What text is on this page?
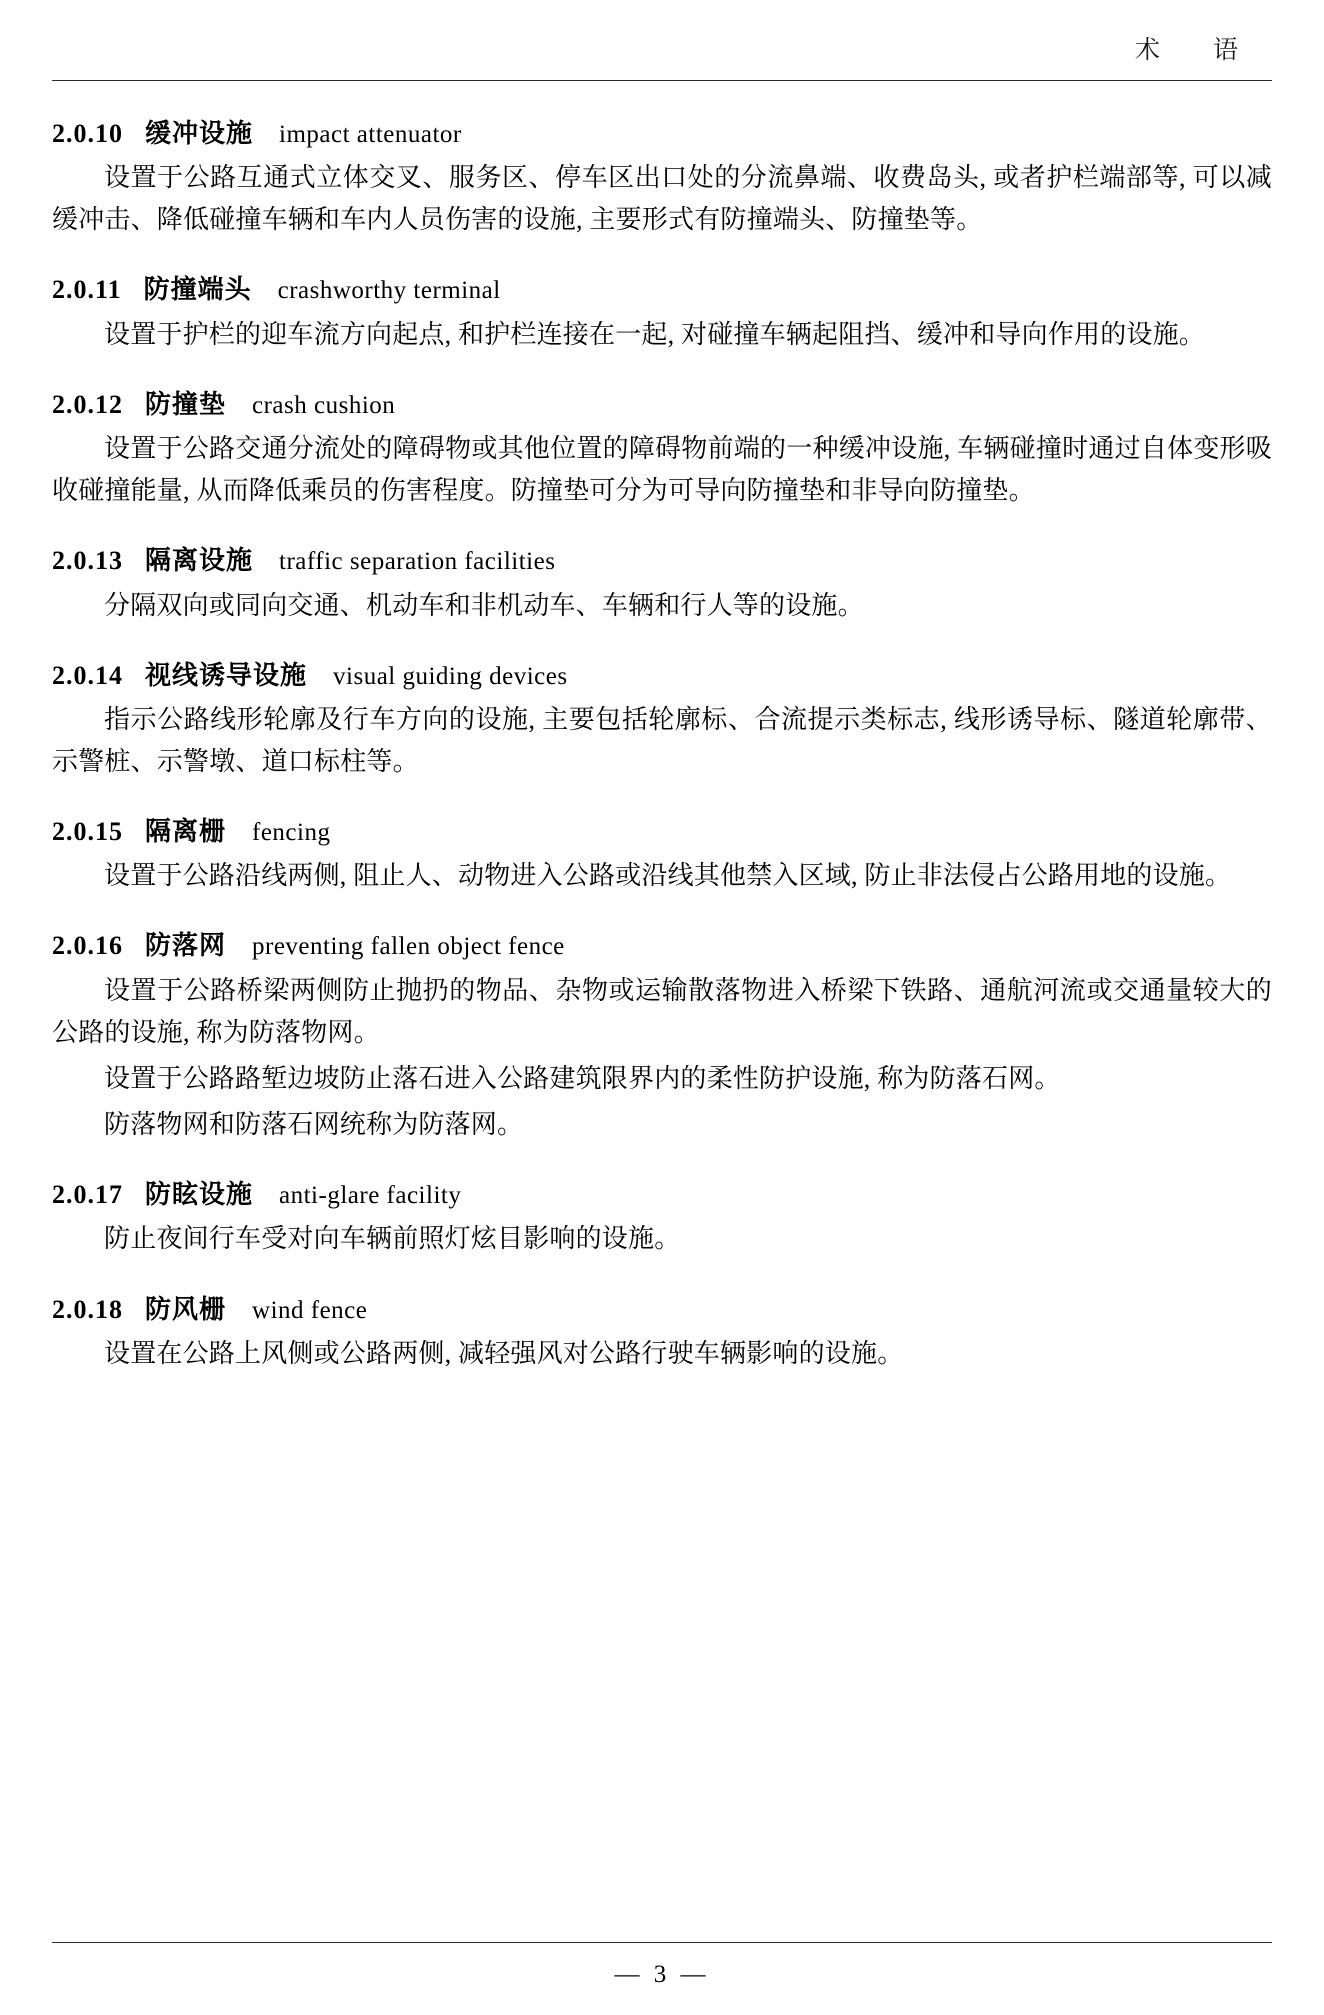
术　语
2.0.10 缓冲设施 impact attenuator
设置于公路互通式立体交叉、服务区、停车区出口处的分流鼻端、收费岛头, 或者护栏端部等, 可以减缓冲击、降低碰撞车辆和车内人员伤害的设施, 主要形式有防撞端头、防撞垫等。
2.0.11 防撞端头 crashworthy terminal
设置于护栏的迎车流方向起点, 和护栏连接在一起, 对碰撞车辆起阻挡、缓冲和导向作用的设施。
2.0.12 防撞垫 crash cushion
设置于公路交通分流处的障碍物或其他位置的障碍物前端的一种缓冲设施, 车辆碰撞时通过自体变形吸收碰撞能量, 从而降低乘员的伤害程度。防撞垫可分为可导向防撞垫和非导向防撞垫。
2.0.13 隔离设施 traffic separation facilities
分隔双向或同向交通、机动车和非机动车、车辆和行人等的设施。
2.0.14 视线诱导设施 visual guiding devices
指示公路线形轮廓及行车方向的设施, 主要包括轮廓标、合流提示类标志, 线形诱导标、隧道轮廓带、示警桩、示警墩、道口标柱等。
2.0.15 隔离栅 fencing
设置于公路沿线两侧, 阻止人、动物进入公路或沿线其他禁入区域, 防止非法侵占公路用地的设施。
2.0.16 防落网 preventing fallen object fence
设置于公路桥梁两侧防止抛扔的物品、杂物或运输散落物进入桥梁下铁路、通航河流或交通量较大的公路的设施, 称为防落物网。
设置于公路路堑边坡防止落石进入公路建筑限界内的柔性防护设施, 称为防落石网。
防落物网和防落石网统称为防落网。
2.0.17 防眩设施 anti-glare facility
防止夜间行车受对向车辆前照灯炫目影响的设施。
2.0.18 防风栅 wind fence
设置在公路上风侧或公路两侧, 减轻强风对公路行驶车辆影响的设施。
— 3 —
